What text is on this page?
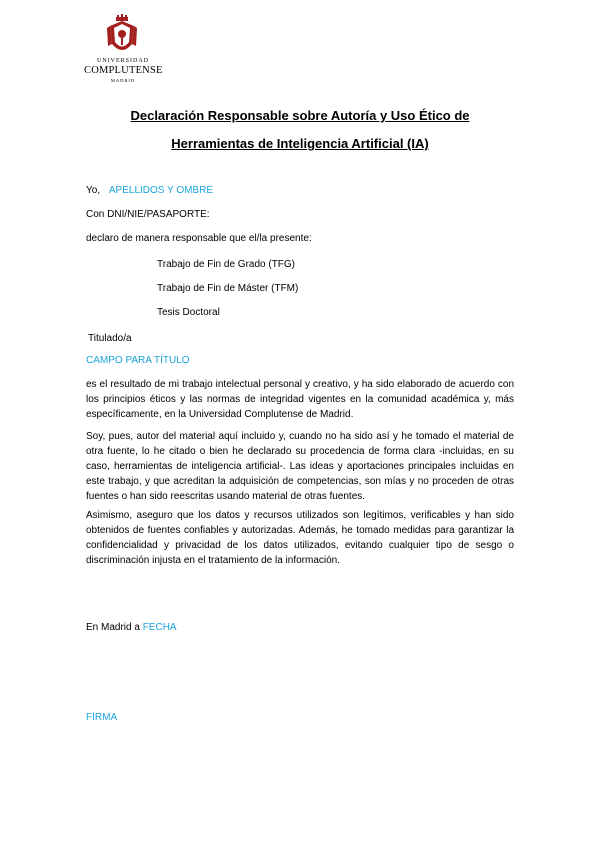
UNIVERSIDAD
COMPLUTENSE
MADRID
Declaración Responsable sobre Autoría y Uso Ético de
Herramientas de Inteligencia Artificial (IA)
Yo, APELLIDOS Y OMBRE
Con DNI/NIE/PASAPORTE:
declaro de manera responsable que el/la presente:
Trabajo de Fin de Grado (TFG)
Trabajo de Fin de Máster (TFM)
Tesis Doctoral
Titulado/a
CAMPO PARA TÍTULO
es el resultado de mi trabajo intelectual personal y creativo, y ha sido elaborado de acuerdo con los principios éticos y las normas de integridad vigentes en la comunidad académica y, más específicamente, en la Universidad Complutense de Madrid.
Soy, pues, autor del material aquí incluido y, cuando no ha sido así y he tomado el material de otra fuente, lo he citado o bien he declarado su procedencia de forma clara -incluidas, en su caso, herramientas de inteligencia artificial-. Las ideas y aportaciones principales incluidas en este trabajo, y que acreditan la adquisición de competencias, son mías y no proceden de otras fuentes o han sido reescritas usando material de otras fuentes.
Asimismo, aseguro que los datos y recursos utilizados son legítimos, verificables y han sido obtenidos de fuentes confiables y autorizadas. Además, he tomado medidas para garantizar la confidencialidad y privacidad de los datos utilizados, evitando cualquier tipo de sesgo o discriminación injusta en el tratamiento de la información.
En Madrid a FECHA
FIRMA
